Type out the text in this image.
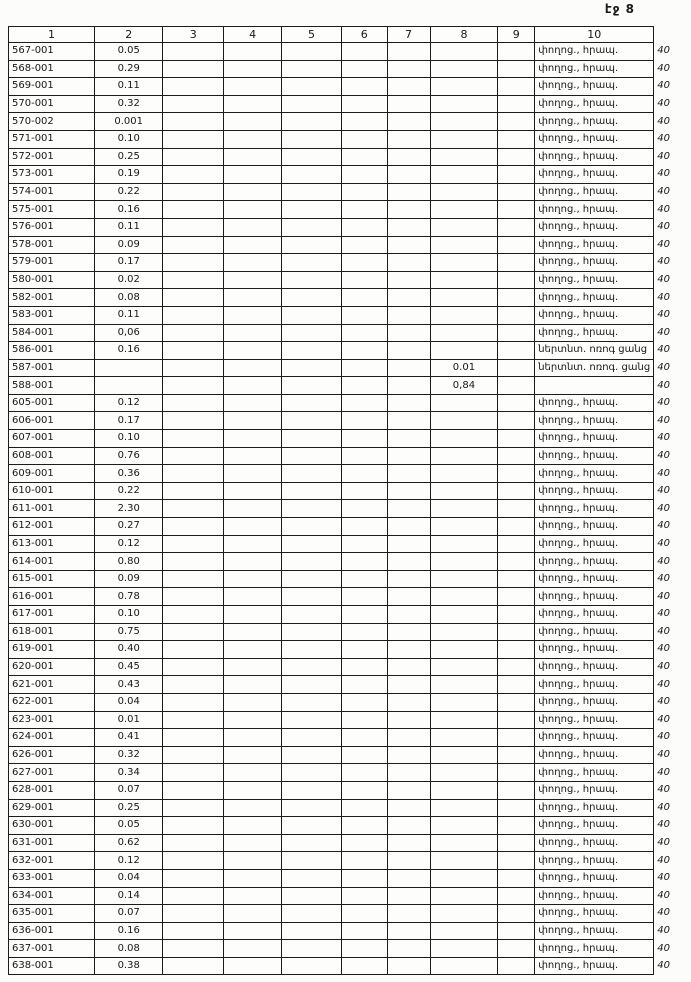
էջ 8
1	2	3	4	5	6	7	8	9	10	
567-001	0.05								փողոց., հրապ.	40
568-001	0.29								փողոց., հրապ.	40
569-001	0.11								փողոց., հրապ.	40
570-001	0.32								փողոց., հրապ.	40
570-002	0.001								փողոց., հրապ.	40
571-001	0.10								փողոց., հրապ.	40
572-001	0.25								փողոց., հրապ.	40
573-001	0.19								փողոց., հրապ.	40
574-001	0.22								փողոց., հրապ.	40
575-001	0.16								փողոց., հրապ.	40
576-001	0.11								փողոց., հրապ.	40
578-001	0.09								փողոց., հրապ.	40
579-001	0.17								փողոց., հրապ.	40
580-001	0.02								փողոց., հրապ.	40
582-001	0.08								փողոց., հրապ.	40
583-001	0.11								փողոց., հրապ.	40
584-001	0,06								փողոց., հրապ.	40
586-001	0.16								ներտնտ. ոռոգ ցանց	40
587-001							0.01		ներտնտ. ոռոգ. ցանց	40
588-001							0,84			40
605-001	0.12								փողոց., հրապ.	40
606-001	0.17								փողոց., հրապ.	40
607-001	0.10								փողոց., հրապ.	40
608-001	0.76								փողոց., հրապ.	40
609-001	0.36								փողոց., հրապ.	40
610-001	0.22								փողոց., հրապ.	40
611-001	2.30								փողոց., հրապ.	40
612-001	0.27								փողոց., հրապ.	40
613-001	0.12								փողոց., հրապ.	40
614-001	0.80								փողոց., հրապ.	40
615-001	0.09								փողոց., հրապ.	40
616-001	0.78								փողոց., հրապ.	40
617-001	0.10								փողոց., հրապ.	40
618-001	0.75								փողոց., հրապ.	40
619-001	0.40								փողոց., հրապ.	40
620-001	0.45								փողոց., հրապ.	40
621-001	0.43								փողոց., հրապ.	40
622-001	0.04								փողոց., հրապ.	40
623-001	0.01								փողոց., հրապ.	40
624-001	0.41								փողոց., հրապ.	40
626-001	0.32								փողոց., հրապ.	40
627-001	0.34								փողոց., հրապ.	40
628-001	0.07								փողոց., հրապ.	40
629-001	0.25								փողոց., հրապ.	40
630-001	0.05								փողոց., հրապ.	40
631-001	0.62								փողոց., հրապ.	40
632-001	0.12								փողոց., հրապ.	40
633-001	0.04								փողոց., հրապ.	40
634-001	0.14								փողոց., հրապ.	40
635-001	0.07								փողոց., հրապ.	40
636-001	0.16								փողոց., հրապ.	40
637-001	0.08								փողոց., հրապ.	40
638-001	0.38								փողոց., հրապ.	40
